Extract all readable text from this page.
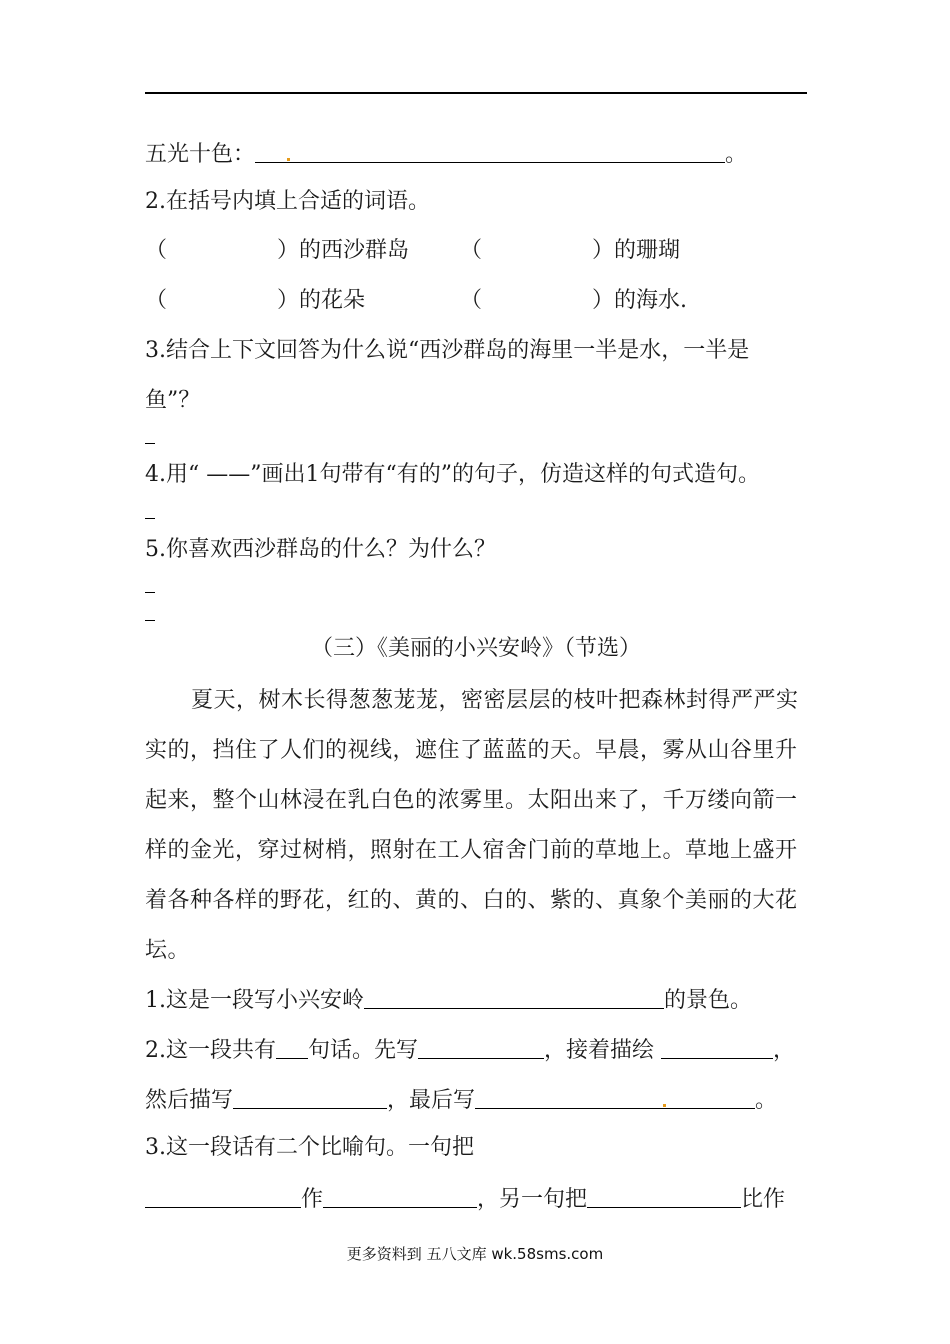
五光十色：	。
2.在括号内填上合适的词语。
（　　　　　）的西沙群岛 （　　　　　）的珊瑚
（　　　　　）的花朵	（　　　　　）的海水.
3.结合上下文回答为什么说“西沙群岛的海里一半是水，一半是
鱼”？
4.用“ ——”画出1句带有“有的”的句子，仿造这样的句式造句。
5.你喜欢西沙群岛的什么？为什么？
（三）《美丽的小兴安岭》（节选）
夏天，树木长得葱葱茏茏，密密层层的枝叶把森林封得严严实实的，挡住了人们的视线，遮住了蓝蓝的天。早晨，雾从山谷里升起来，整个山林浸在乳白色的浓雾里。太阳出来了，千万缕向箭一样的金光，穿过树梢，照射在工人宿舍门前的草地上。草地上盛开着各种各样的野花，红的、黄的、白的、紫的、真象个美丽的大花坛。
1.这是一段写小兴安岭	的景色。
2.这一段共有 句话。先写	，接着描绘	，
然后描写	，最后写	。
3.这一段话有二个比喻句。一句把
作	，另一句把	比作
更多资料到 五八文库 wk.58sms.com
